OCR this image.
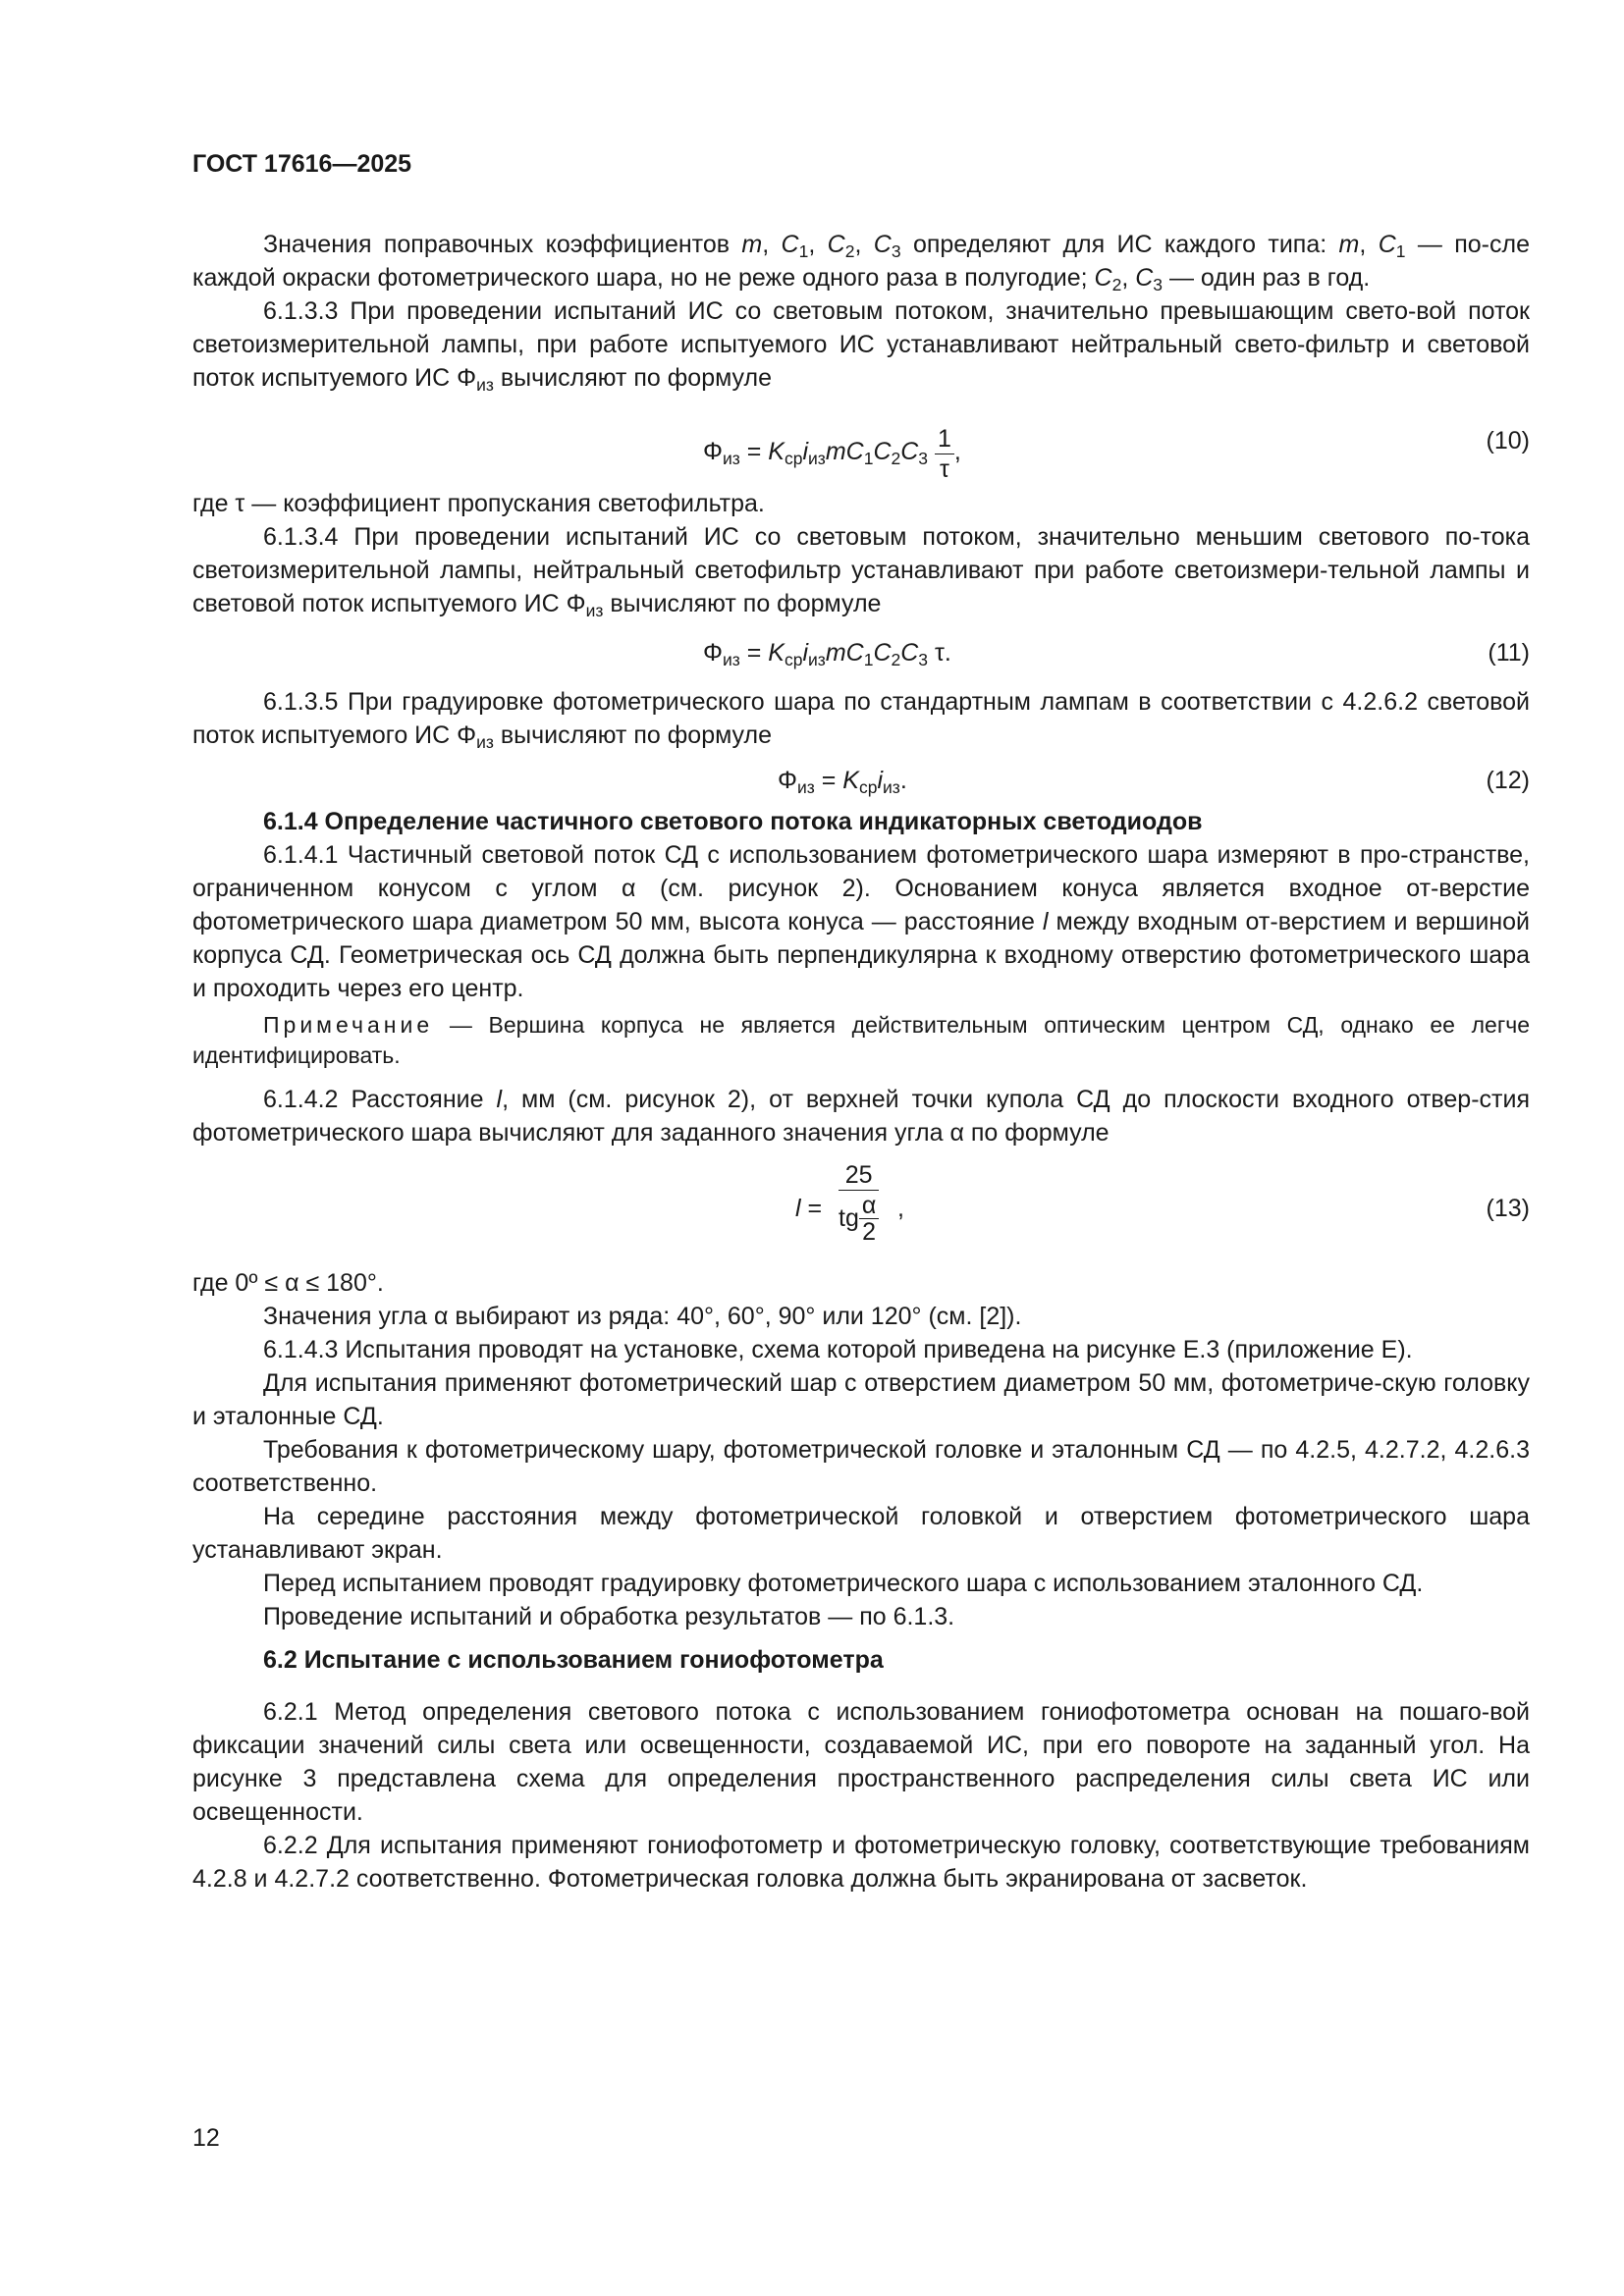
ГОСТ 17616—2025

Значения поправочных коэффициентов m, $C_1$, $C_2$, $C_3$ определяют для ИС каждого типа: m, $C_1$ — по-сле каждой окраски фотометрического шара, но не реже одного раза в полугодие; $C_2$, $C_3$ — один раз в год.

6.1.3.3 При проведении испытаний ИС со световым потоком, значительно превышающим свето-вой поток светоизмерительной лампы, при работе испытуемого ИС устанавливают нейтральный свето-фильтр и световой поток испытуемого ИС $\Phi_{из}$ вычисляют по формуле

$\Phi_{из} = K_{ср}i_{из}mC_1C_2C_3 \frac{1}{\tau}$ ,	(10)

где τ — коэффициент пропускания светофильтра.

6.1.3.4 При проведении испытаний ИС со световым потоком, значительно меньшим светового по-тока светоизмерительной лампы, нейтральный светофильтр устанавливают при работе светоизмери-тельной лампы и световой поток испытуемого ИС $\Phi_{из}$ вычисляют по формуле

$\Phi_{из} = K_{ср}i_{из}mC_1C_2C_3$ τ.	(11)

6.1.3.5 При градуировке фотометрического шара по стандартным лампам в соответствии с 4.2.6.2 световой поток испытуемого ИС $\Phi_{из}$ вычисляют по формуле

$\Phi_{из} = K_{ср}i_{из}$.	(12)

6.1.4 Определение частичного светового потока индикаторных светодиодов

6.1.4.1 Частичный световой поток СД с использованием фотометрического шара измеряют в про-странстве, ограниченном конусом с углом α (см. рисунок 2). Основанием конуса является входное от-верстие фотометрического шара диаметром 50 мм, высота конуса — расстояние l между входным от-верстием и вершиной корпуса СД. Геометрическая ось СД должна быть перпендикулярна к входному отверстию фотометрического шара и проходить через его центр.

Примечание — Вершина корпуса не является действительным оптическим центром СД, однако ее легче идентифицировать.

6.1.4.2 Расстояние l, мм (см. рисунок 2), от верхней точки купола СД до плоскости входного отвер-стия фотометрического шара вычисляют для заданного значения угла α по формуле

l =
25
tg $\frac{\alpha}{2}$ ,	(13)

где 0º ≤ α ≤ 180°.

Значения угла α выбирают из ряда: 40°, 60°, 90° или 120° (см. [2]).

6.1.4.3 Испытания проводят на установке, схема которой приведена на рисунке Е.3 (приложение Е).

Для испытания применяют фотометрический шар с отверстием диаметром 50 мм, фотометриче-скую головку и эталонные СД.

Требования к фотометрическому шару, фотометрической головке и эталонным СД — по 4.2.5, 4.2.7.2, 4.2.6.3 соответственно.

На середине расстояния между фотометрической головкой и отверстием фотометрического шара устанавливают экран.

Перед испытанием проводят градуировку фотометрического шара с использованием эталонного СД.

Проведение испытаний и обработка результатов — по 6.1.3.

6.2 Испытание с использованием гониофотометра

6.2.1 Метод определения светового потока с использованием гониофотометра основан на пошаго-вой фиксации значений силы света или освещенности, создаваемой ИС, при его повороте на заданный угол. На рисунке 3 представлена схема для определения пространственного распределения силы света ИС или освещенности.

6.2.2 Для испытания применяют гониофотометр и фотометрическую головку, соответствующие требованиям 4.2.8 и 4.2.7.2 соответственно. Фотометрическая головка должна быть экранирована от засветок.

12
